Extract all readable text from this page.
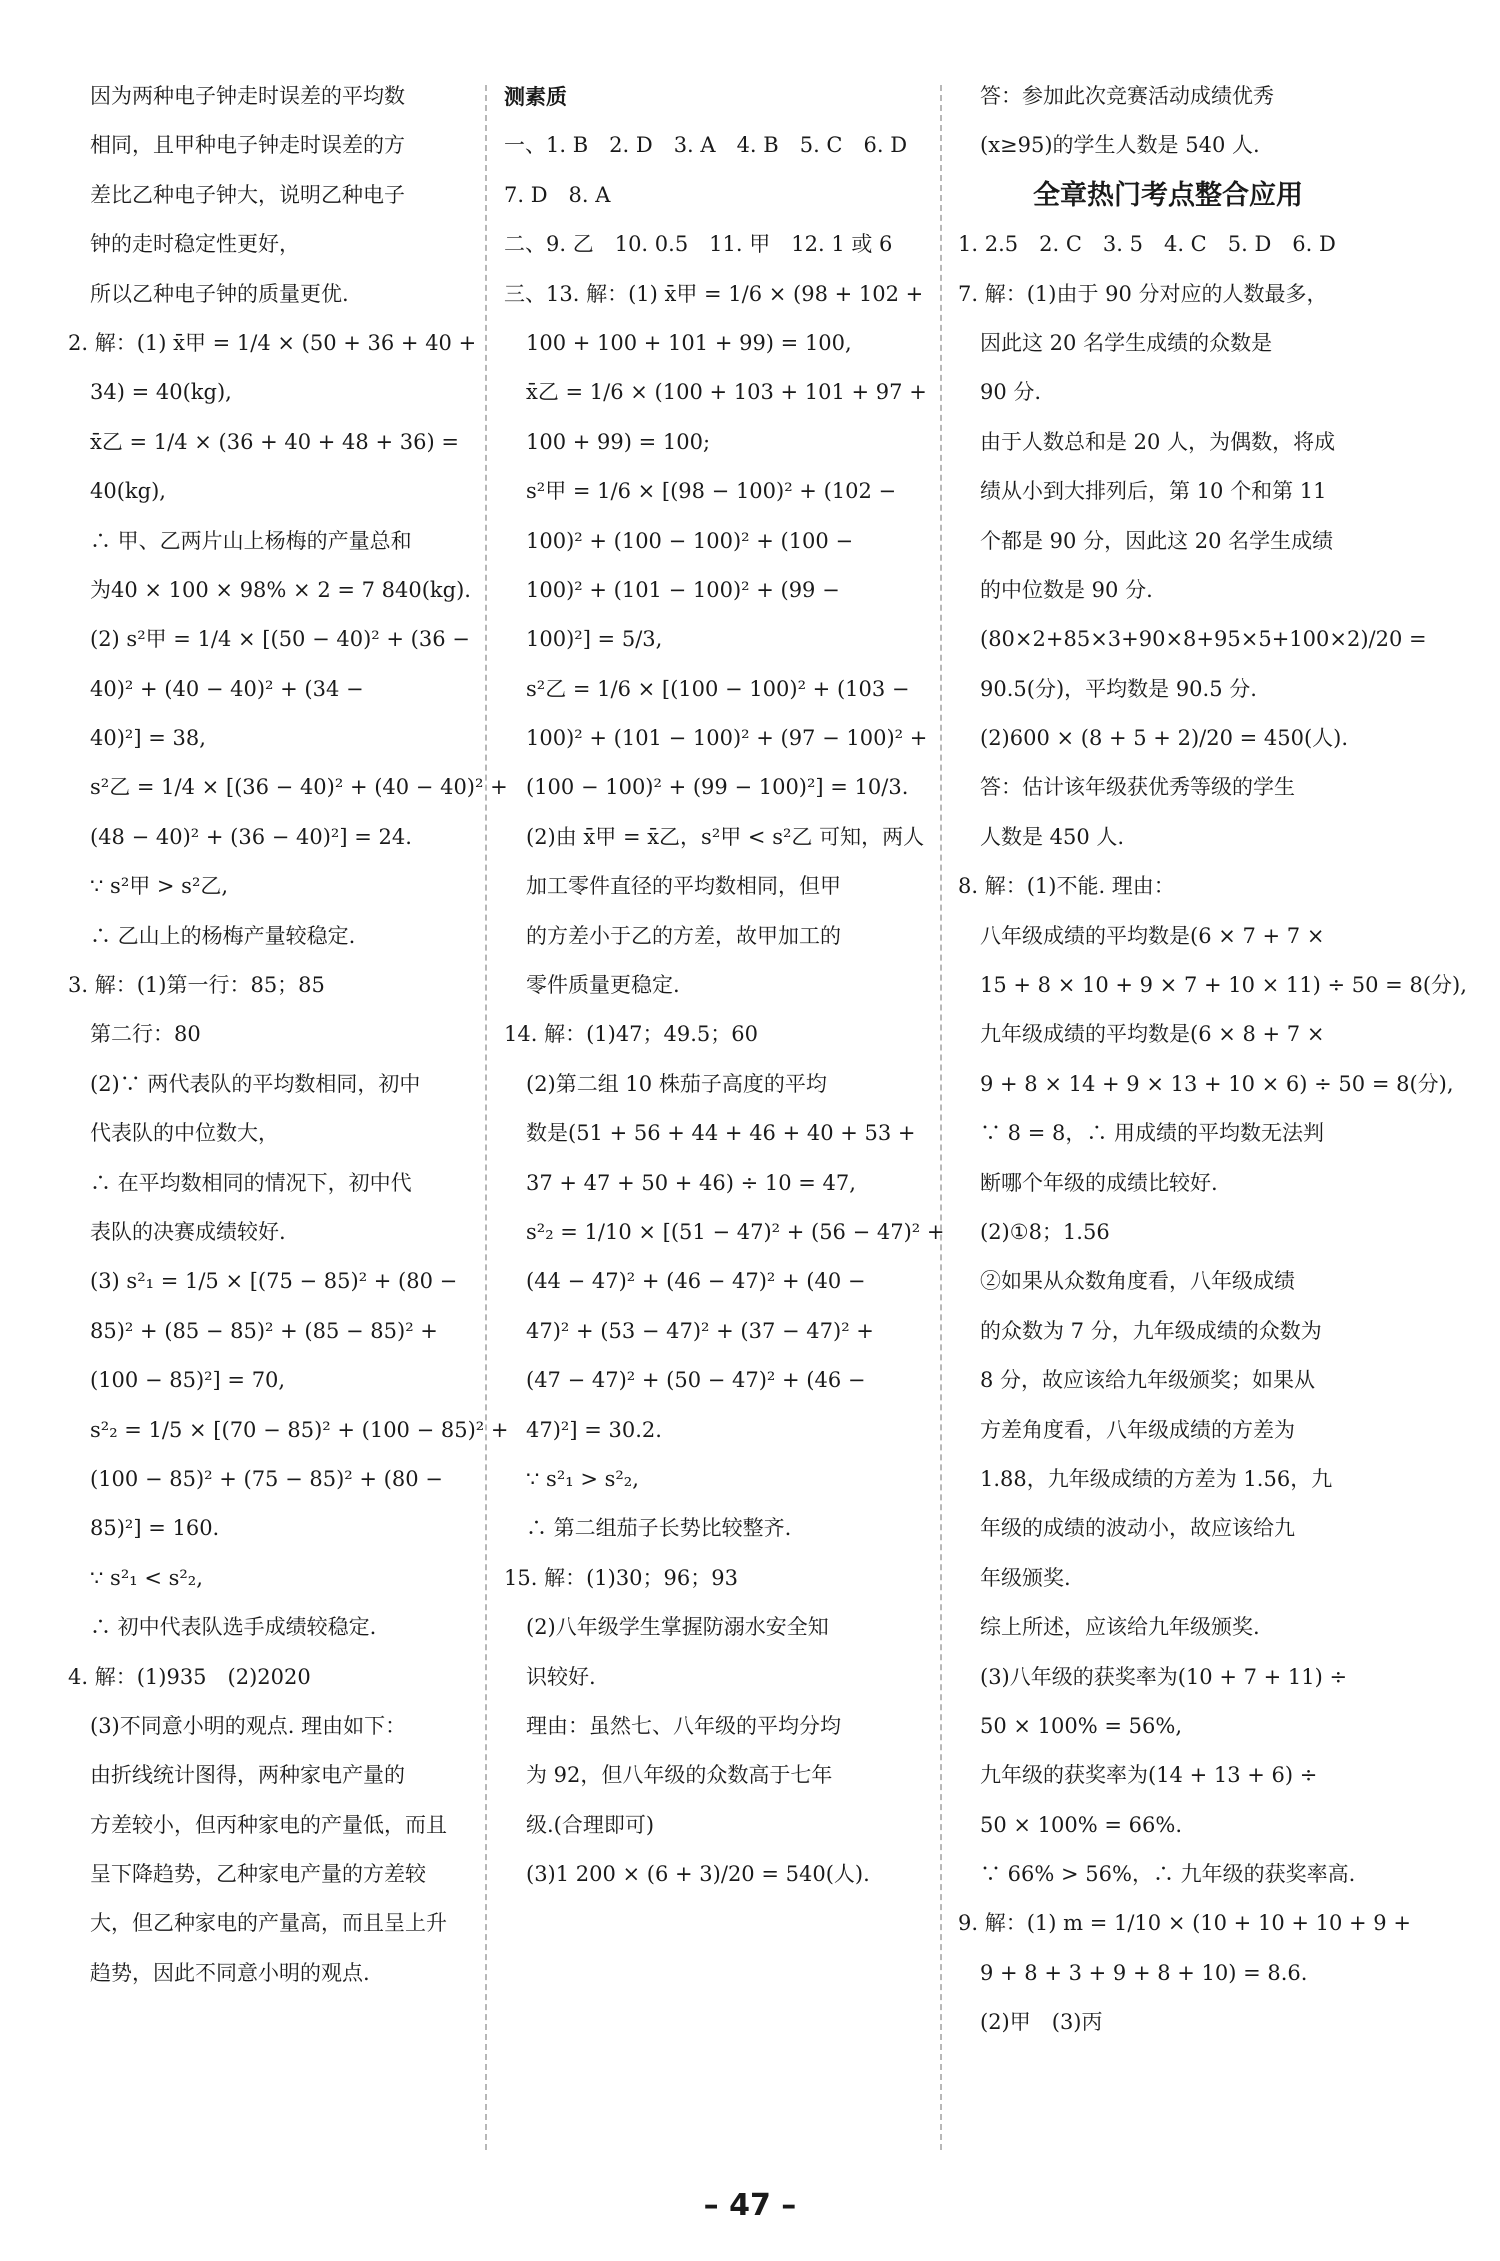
因为两种电子钟走时误差的平均数
相同，且甲种电子钟走时误差的方
差比乙种电子钟大，说明乙种电子
钟的走时稳定性更好，
所以乙种电子钟的质量更优.
2. 解：(1) x̄甲 = 1/4 × (50 + 36 + 40 +
34) = 40(kg),
x̄乙 = 1/4 × (36 + 40 + 48 + 36) =
40(kg),
∴ 甲、乙两片山上杨梅的产量总和
为40 × 100 × 98% × 2 = 7 840(kg).
(2) s²甲 = 1/4 × [(50 − 40)² + (36 −
40)² + (40 − 40)² + (34 −
40)²] = 38,
s²乙 = 1/4 × [(36 − 40)² + (40 − 40)² +
(48 − 40)² + (36 − 40)²] = 24.
∵ s²甲 > s²乙,
∴ 乙山上的杨梅产量较稳定.
3. 解：(1)第一行：85；85
第二行：80
(2)∵ 两代表队的平均数相同，初中
代表队的中位数大，
∴ 在平均数相同的情况下，初中代
表队的决赛成绩较好.
(3) s²₁ = 1/5 × [(75 − 85)² + (80 −
85)² + (85 − 85)² + (85 − 85)² +
(100 − 85)²] = 70,
s²₂ = 1/5 × [(70 − 85)² + (100 − 85)² +
(100 − 85)² + (75 − 85)² + (80 −
85)²] = 160.
∵ s²₁ < s²₂,
∴ 初中代表队选手成绩较稳定.
4. 解：(1)935　(2)2020
(3)不同意小明的观点. 理由如下：
由折线统计图得，两种家电产量的
方差较小，但丙种家电的产量低，而且
呈下降趋势，乙种家电产量的方差较
大，但乙种家电的产量高，而且呈上升
趋势，因此不同意小明的观点.
测素质
一、1. B　2. D　3. A　4. B　5. C　6. D
7. D　8. A
二、9. 乙　10. 0.5　11. 甲　12. 1 或 6
三、13. 解：(1) x̄甲 = 1/6 × (98 + 102 +
100 + 100 + 101 + 99) = 100,
x̄乙 = 1/6 × (100 + 103 + 101 + 97 +
100 + 99) = 100;
s²甲 = 1/6 × [(98 − 100)² + (102 −
100)² + (100 − 100)² + (100 −
100)² + (101 − 100)² + (99 −
100)²] = 5/3,
s²乙 = 1/6 × [(100 − 100)² + (103 −
100)² + (101 − 100)² + (97 − 100)² +
(100 − 100)² + (99 − 100)²] = 10/3.
(2)由 x̄甲 = x̄乙，s²甲 < s²乙 可知，两人
加工零件直径的平均数相同，但甲
的方差小于乙的方差，故甲加工的
零件质量更稳定.
14. 解：(1)47；49.5；60
(2)第二组 10 株茄子高度的平均
数是(51 + 56 + 44 + 46 + 40 + 53 +
37 + 47 + 50 + 46) ÷ 10 = 47,
s²₂ = 1/10 × [(51 − 47)² + (56 − 47)² +
(44 − 47)² + (46 − 47)² + (40 −
47)² + (53 − 47)² + (37 − 47)² +
(47 − 47)² + (50 − 47)² + (46 −
47)²] = 30.2.
∵ s²₁ > s²₂,
∴ 第二组茄子长势比较整齐.
15. 解：(1)30；96；93
(2)八年级学生掌握防溺水安全知
识较好.
理由：虽然七、八年级的平均分均
为 92，但八年级的众数高于七年
级.(合理即可)
(3)1 200 × (6 + 3)/20 = 540(人).
答：参加此次竞赛活动成绩优秀
(x≥95)的学生人数是 540 人.
全章热门考点整合应用
1. 2.5　2. C　3. 5　4. C　5. D　6. D
7. 解：(1)由于 90 分对应的人数最多，
因此这 20 名学生成绩的众数是
90 分.
由于人数总和是 20 人，为偶数，将成
绩从小到大排列后，第 10 个和第 11
个都是 90 分，因此这 20 名学生成绩
的中位数是 90 分.
(80×2+85×3+90×8+95×5+100×2)/20 =
90.5(分)，平均数是 90.5 分.
(2)600 × (8 + 5 + 2)/20 = 450(人).
答：估计该年级获优秀等级的学生
人数是 450 人.
8. 解：(1)不能. 理由：
八年级成绩的平均数是(6 × 7 + 7 ×
15 + 8 × 10 + 9 × 7 + 10 × 11) ÷ 50 = 8(分),
九年级成绩的平均数是(6 × 8 + 7 ×
9 + 8 × 14 + 9 × 13 + 10 × 6) ÷ 50 = 8(分),
∵ 8 = 8，∴ 用成绩的平均数无法判
断哪个年级的成绩比较好.
(2)①8；1.56
②如果从众数角度看，八年级成绩
的众数为 7 分，九年级成绩的众数为
8 分，故应该给九年级颁奖；如果从
方差角度看，八年级成绩的方差为
1.88，九年级成绩的方差为 1.56，九
年级的成绩的波动小，故应该给九
年级颁奖.
综上所述，应该给九年级颁奖.
(3)八年级的获奖率为(10 + 7 + 11) ÷
50 × 100% = 56%,
九年级的获奖率为(14 + 13 + 6) ÷
50 × 100% = 66%.
∵ 66% > 56%，∴ 九年级的获奖率高.
9. 解：(1) m = 1/10 × (10 + 10 + 10 + 9 +
9 + 8 + 3 + 9 + 8 + 10) = 8.6.
(2)甲　(3)丙
– 47 –
